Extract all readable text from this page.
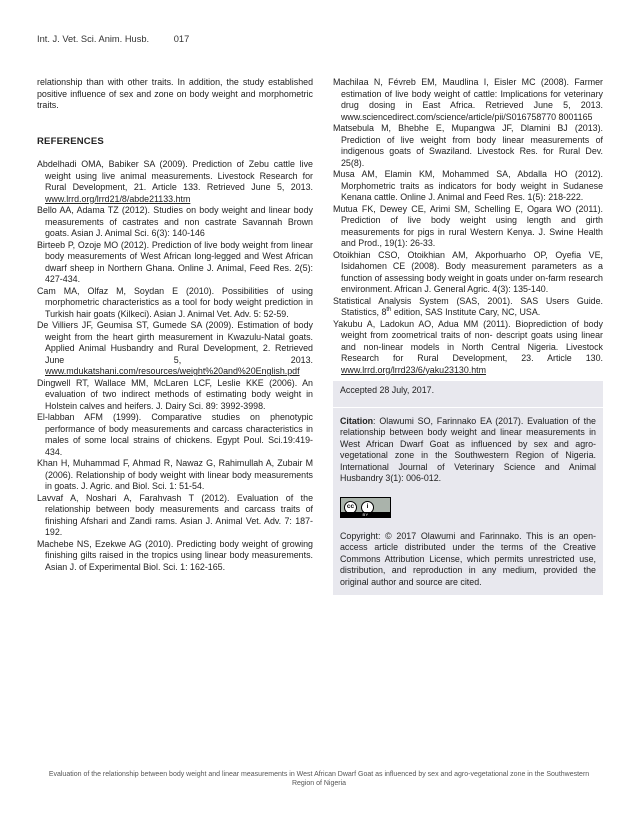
Int. J. Vet. Sci. Anim. Husb.	017

relationship than with other traits. In addition, the study established positive influence of sex and zone on body weight and morphometric traits.

REFERENCES

Abdelhadi OMA, Babiker SA (2009). Prediction of Zebu cattle live weight using live animal measurements. Livestock Research for Rural Development, 21. Article 133. Retrieved June 5, 2013. www.lrrd.org/lrrd21/8/abde21133.htm

Bello AA, Adama TZ (2012). Studies on body weight and linear body measurements of castrates and non castrate Savannah Brown goats. Asian J. Animal Sci. 6(3): 140-146

Birteeb P, Ozoje MO (2012). Prediction of live body weight from linear body measurements of West African long-legged and West African dwarf sheep in Northern Ghana. Online J. Animal, Feed Res. 2(5): 427-434.

Cam MA, Olfaz M, Soydan E (2010). Possibilities of using morphometric characteristics as a tool for body weight prediction in Turkish hair goats (Kilkeci). Asian J. Animal Vet. Adv. 5: 52-59.

De Villiers JF, Geumisa ST, Gumede SA (2009). Estimation of body weight from the heart girth measurement in Kwazulu-Natal goats. Applied Animal Husbandry and Rural Development, 2. Retrieved June 5, 2013. www.mdukatshani.com/resources/weight%20and%20English.pdf

Dingwell RT, Wallace MM, McLaren LCF, Leslie KKE (2006). An evaluation of two indirect methods of estimating body weight in Holstein calves and heifers. J. Dairy Sci. 89: 3992-3998.

El-labban AFM (1999). Comparative studies on phenotypic performance of body measurements and carcass characteristics in males of some local strains of chickens. Egypt Poul. Sci.19:419- 434.

Khan H, Muhammad F, Ahmad R, Nawaz G, Rahimullah A, Zubair M (2006). Relationship of body weight with linear body measurements in goats. J. Agric. and Biol. Sci. 1: 51-54.

Lavvaf A, Noshari A, Farahvash T (2012). Evaluation of the relationship between body measurements and carcass traits of finishing Afshari and Zandi rams. Asian J. Animal Vet. Adv. 7: 187-192.

Machebe NS, Ezekwe AG (2010). Predicting body weight of growing finishing gilts raised in the tropics using linear body measurements. Asian J. of Experimental Biol. Sci. 1: 162-165.

Machilaa N, Févreb EM, Maudlina I, Eisler MC (2008). Farmer estimation of live body weight of cattle: Implications for veterinary drug dosing in East Africa. Retrieved June 5, 2013. www.sciencedirect.com/science/article/pii/S016758770 8001165

Matsebula M, Bhebhe E, Mupangwa JF, Dlamini BJ (2013). Prediction of live weight from body linear measurements of indigenous goats of Swaziland. Livestock Res. for Rural Dev. 25(8).

Musa AM, Elamin KM, Mohammed SA, Abdalla HO (2012). Morphometric traits as indicators for body weight in Sudanese Kenana cattle. Online J. Animal and Feed Res. 1(5): 218-222.

Mutua FK, Dewey CE, Arimi SM, Schelling E, Ogara WO (2011). Prediction of live body weight using length and girth measurements for pigs in rural Western Kenya. J. Swine Health and Prod., 19(1): 26-33.

Otoikhian CSO, Otoikhian AM, Akporhuarho OP, Oyefia VE, Isidahomen CE (2008). Body measurement parameters as a function of assessing body weight in goats under on-farm research environment. African J. General Agric. 4(3): 135-140.

Statistical Analysis System (SAS, 2001). SAS Users Guide. Statistics, 8th edition, SAS Institute Cary, NC, USA.

Yakubu A, Ladokun AO, Adua MM (2011). Bioprediction of body weight from zoometrical traits of non- descript goats using linear and non-linear models in North Central Nigeria. Livestock Research for Rural Development, 23. Article 130. www.lrrd.org/lrrd23/6/yaku23130.htm

Accepted 28 July, 2017.

Citation: Olawumi SO, Farinnako EA (2017). Evaluation of the relationship between body weight and linear measurements in West African Dwarf Goat as influenced by sex and agro-vegetational zone in the Southwestern Region of Nigeria. International Journal of Veterinary Science and Animal Husbandry 3(1): 006-012.

cc	i
BY

Copyright: © 2017 Olawumi and Farinnako. This is an open-access article distributed under the terms of the Creative Commons Attribution License, which permits unrestricted use, distribution, and reproduction in any medium, provided the original author and source are cited.

Evaluation of the relationship between body weight and linear measurements in West African Dwarf Goat as influenced by sex and agro-vegetational zone in the Southwestern Region of Nigeria
